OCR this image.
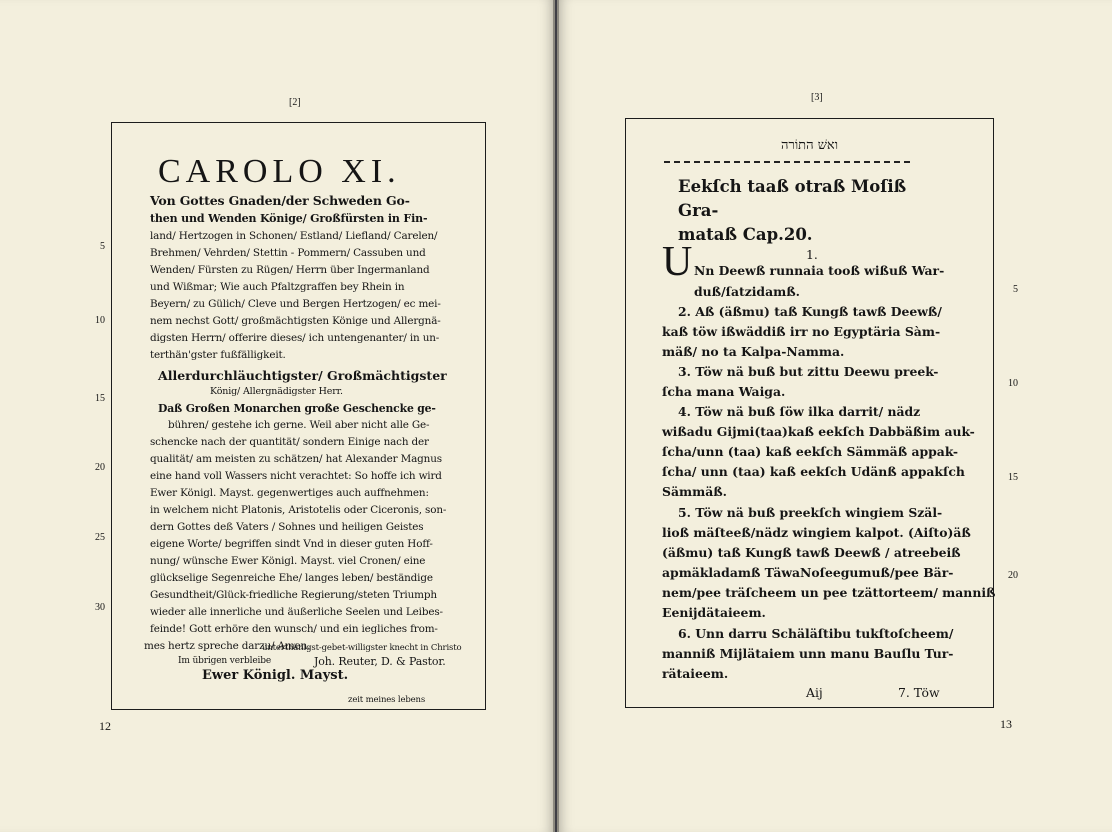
[2]
5
10
15
20
25
30
CAROLO XI.
Von Gottes Gnaden/der Schweden Go-
then und Wenden Könige/ Großfürsten in Fin-
land/ Hertzogen in Schonen/ Estland/ Liefland/ Carelen/
Brehmen/ Vehrden/ Stettin - Pommern/ Cassuben und
Wenden/ Fürsten zu Rügen/ Herrn über Ingermanland
und Wißmar; Wie auch Pfaltzgraffen bey Rhein in
Beyern/ zu Gülich/ Cleve und Bergen Hertzogen/ ec mei-
nem nechst Gott/ großmächtigsten Könige und Allergnä-
digsten Herrn/ offerire dieses/ ich untengenanter/ in un-
terthän'gster fußfälligkeit.
Allerdurchläuchtigster/ Großmächtigster
König/ Allergnädigster Herr.
Daß Großen Monarchen große Geschencke ge-
bühren/ gestehe ich gerne. Weil aber nicht alle Ge-
schencke nach der quantität/ sondern Einige nach der
qualität/ am meisten zu schätzen/ hat Alexander Magnus
eine hand voll Wassers nicht verachtet: So hoffe ich wird
Ewer Königl. Mayst. gegenwertiges auch auffnehmen:
in welchem nicht Platonis, Aristotelis oder Ciceronis, son-
dern Gottes deß Vaters / Sohnes und heiligen Geistes
eigene Worte/ begriffen sindt Vnd in dieser guten Hoff-
nung/ wünsche Ewer Königl. Mayst. viel Cronen/ eine
glückselige Segenreiche Ehe/ langes leben/ beständige
Gesundtheit/Glück-friedliche Regierung/steten Triumph
wieder alle innerliche und äußerliche Seelen und Leibes-
feinde! Gott erhöre den wunsch/ und ein iegliches from-
mes hertz spreche darzu/ Amen.
Im übrigen verbleibe
Ewer Königl. Mayst.
zeit meines lebens
12
[3]
ואשׁ התוֹרה
Eekſch taaß otraß Moſiß Gra-
mataß Cap.20.
1.
U Nn Deewß runnaia tooß wißuß War-
duß/ſatzidamß.
2. Aß (äßmu) taß Kungß tawß Deewß/
kaß töw ißwäddiß irr no Egyptäria Sàm-
mäß/ no ta Kalpa-Namma.
3. Töw nä buß but zittu Deewu preek-
ſcha mana Waiga.
4. Töw nä buß ſöw ilka darrit/ nädz
wißadu Gijmi(taa)kaß eekſch Dabbäßim auk-
ſcha/unn (taa) kaß eekſch Sämmäß appak-
ſcha/ unn (taa) kaß eekſch Udänß appakſch
Sämmäß.
5. Töw nä buß preekſch wingiem Szäl-
lioß mäſteeß/nädz wingiem kalpot. (Aiſto)äß
(äßmu) taß Kungß tawß Deewß / atreebeiß
apmäkladamß TäwaNoſeegumuß/pee Bär-
nem/pee träſcheem un pee tzättorteem/ manniß
Eenijdätaieem.
6. Unn darru Schäläſtibu tukſtoſcheem/
manniß Mijlätaiem unn manu Bauſlu Tur-
rätaieem.
Aij	7. Töw
5
10
15
20
13
unterthänigst-gebet-willigster knecht in Christo
Joh. Reuter, D. & Pastor.
